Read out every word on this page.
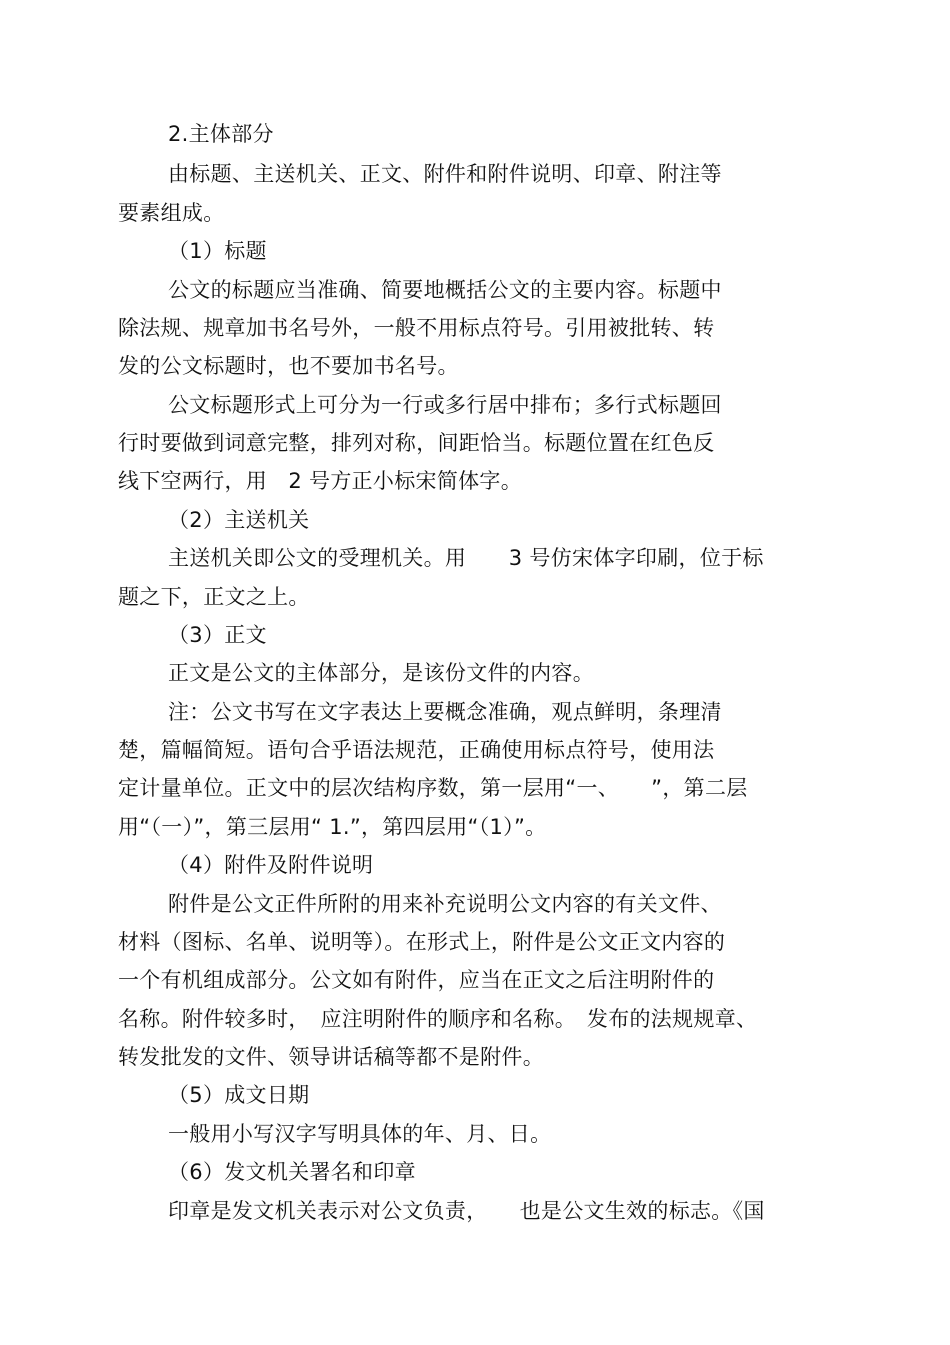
2.主体部分
由标题、主送机关、正文、附件和附件说明、印章、附注等
要素组成。
（1）标题
公文的标题应当准确、简要地概括公文的主要内容。标题中
除法规、规章加书名号外，一般不用标点符号。引用被批转、转
发的公文标题时，也不要加书名号。
公文标题形式上可分为一行或多行居中排布；多行式标题回
行时要做到词意完整，排列对称，间距恰当。标题位置在红色反
线下空两行，用　2 号方正小标宋简体字。
（2）主送机关
主送机关即公文的受理机关。用　　3 号仿宋体字印刷，位于标
题之下，正文之上。
（3）正文
正文是公文的主体部分，是该份文件的内容。
注：公文书写在文字表达上要概念准确，观点鲜明，条理清
楚，篇幅简短。语句合乎语法规范，正确使用标点符号，使用法
定计量单位。正文中的层次结构序数，第一层用“一、　　”，第二层
用“（一）”，第三层用“ 1.”，第四层用“（1）”。
（4）附件及附件说明
附件是公文正件所附的用来补充说明公文内容的有关文件、
材料（图标、名单、说明等）。在形式上，附件是公文正文内容的
一个有机组成部分。公文如有附件，应当在正文之后注明附件的
名称。附件较多时，　应注明附件的顺序和名称。　发布的法规规章、
转发批发的文件、领导讲话稿等都不是附件。
（5）成文日期
一般用小写汉字写明具体的年、月、日。
（6）发文机关署名和印章
印章是发文机关表示对公文负责，　　也是公文生效的标志。《国
